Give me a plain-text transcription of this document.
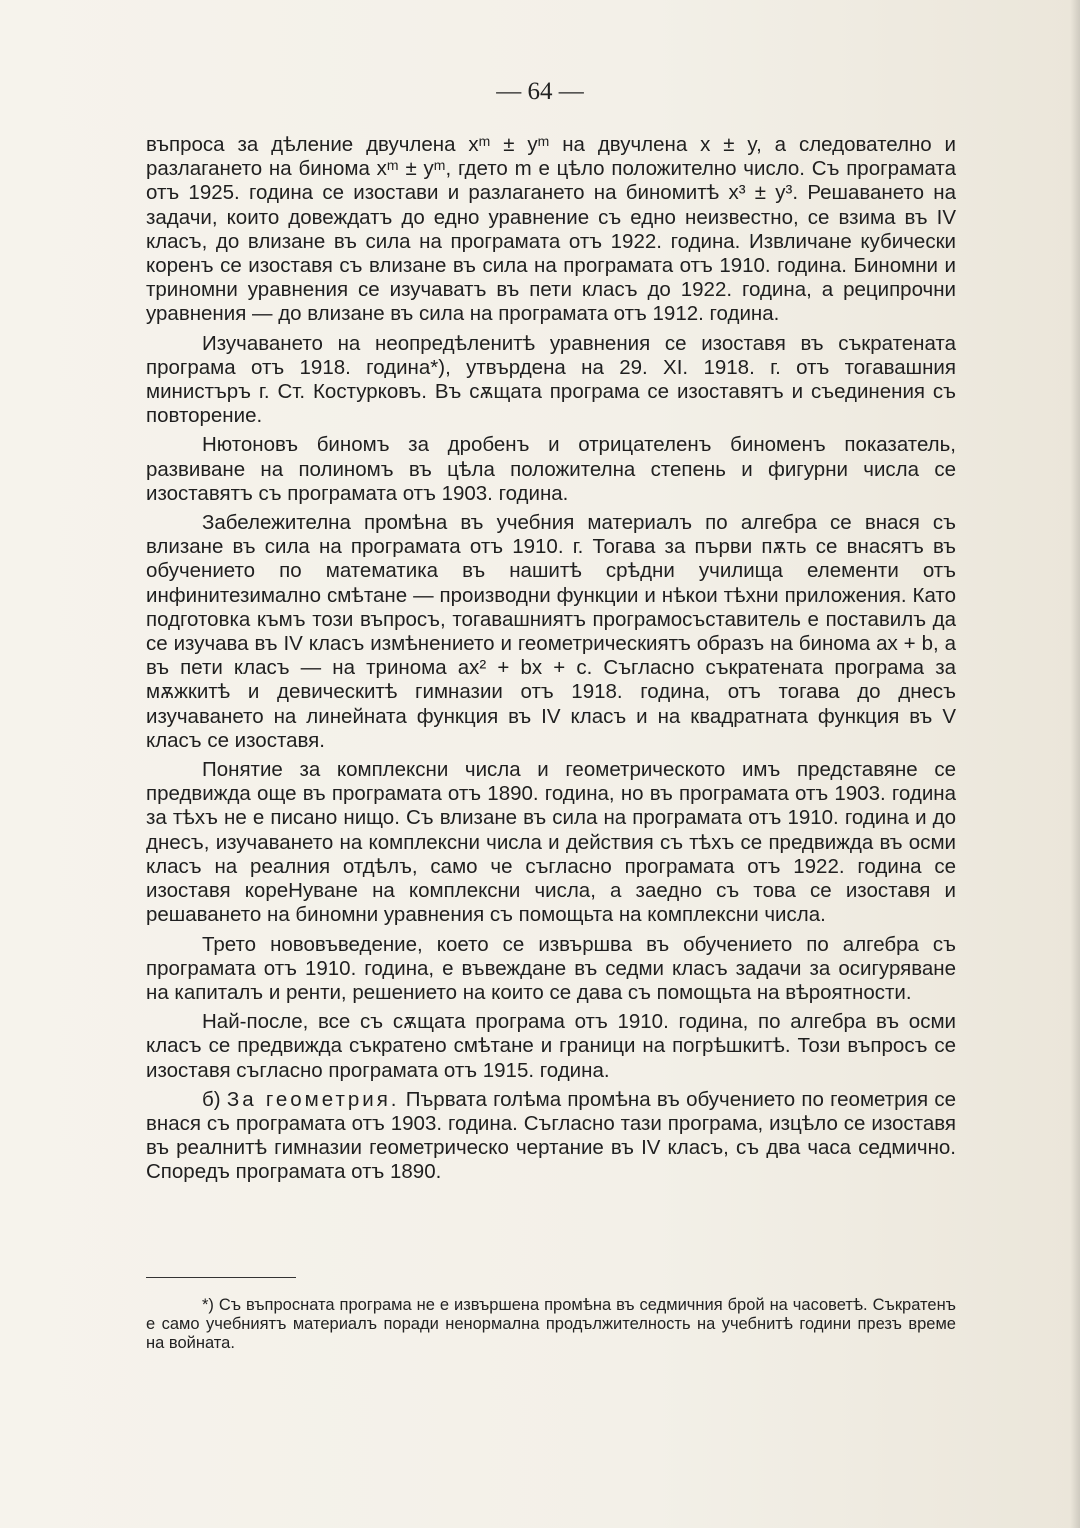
— 64 —

въпроса за дѣление двучлена xᵐ ± yᵐ на двучлена x ± y, а следователно и разлагането на бинома xᵐ ± yᵐ, гдето m е цѣло положително число. Съ програмата отъ 1925. година се изостави и разлагането на биномитѣ x³ ± y³. Решаването на задачи, които довеждатъ до едно уравнение съ едно неизвестно, се взима въ IV класъ, до влизане въ сила на програмата отъ 1922. година. Извличане кубически коренъ се изоставя съ влизане въ сила на програмата отъ 1910. година. Биномни и триномни уравнения се изучаватъ въ пети класъ до 1922. година, а реципрочни уравнения — до влизане въ сила на програмата отъ 1912. година.

Изучаването на неопредѣленитѣ уравнения се изоставя въ съкратената програма отъ 1918. година*), утвърдена на 29. XI. 1918. г. отъ тогавашния министъръ г. Ст. Костурковъ. Въ сѫщата програма се изоставятъ и съединения съ повторение.

Нютоновъ биномъ за дробенъ и отрицателенъ биноменъ показатель, развиване на полиномъ въ цѣла положителна степень и фигурни числа се изоставятъ съ програмата отъ 1903. година.

Забележителна промѣна въ учебния материалъ по алгебра се внася съ влизане въ сила на програмата отъ 1910. г. Тогава за първи пѫть се внасятъ въ обучението по математика въ нашитѣ срѣдни училища елементи отъ инфинитезимално смѣтане — производни функции и нѣкои тѣхни приложения. Като подготовка къмъ този въпросъ, тогавашниятъ програмосъставитель е поставилъ да се изучава въ IV класъ измѣнението и геометрическиятъ образъ на бинома ax + b, а въ пети класъ — на тринома ax² + bx + c. Съгласно съкратената програма за мѫжкитѣ и девическитѣ гимназии отъ 1918. година, отъ тогава до днесъ изучаването на линейната функция въ IV класъ и на квадратната функция въ V класъ се изоставя.

Понятие за комплексни числа и геометрическото имъ представяне се предвижда още въ програмата отъ 1890. година, но въ програмата отъ 1903. година за тѣхъ не е писано нищо. Съ влизане въ сила на програмата отъ 1910. година и до днесъ, изучаването на комплексни числа и действия съ тѣхъ се предвижда въ осми класъ на реалния отдѣлъ, само че съгласно програмата отъ 1922. година се изоставя кореНуване на комплексни числа, а заедно съ това се изоставя и решаването на биномни уравнения съ помощьта на комплексни числа.

Трето нововъведение, което се извършва въ обучението по алгебра съ програмата отъ 1910. година, е въвеждане въ седми класъ задачи за осигуряване на капиталъ и ренти, решението на които се дава съ помощьта на вѣроятности.

Най-после, все съ сѫщата програма отъ 1910. година, по алгебра въ осми класъ се предвижда съкратено смѣтане и граници на погрѣшкитѣ. Този въпросъ се изоставя съгласно програмата отъ 1915. година.

б) За геометрия. Първата голѣма промѣна въ обучението по геометрия се внася съ програмата отъ 1903. година. Съгласно тази програма, изцѣло се изоставя въ реалнитѣ гимназии геометрическо чертание въ IV класъ, съ два часа седмично. Споредъ програмата отъ 1890.

*) Съ въпросната програма не е извършена промѣна въ седмичния брой на часоветѣ. Съкратенъ е само учебниятъ материалъ поради ненормална продължителность на учебнитѣ години презъ време на войната.
